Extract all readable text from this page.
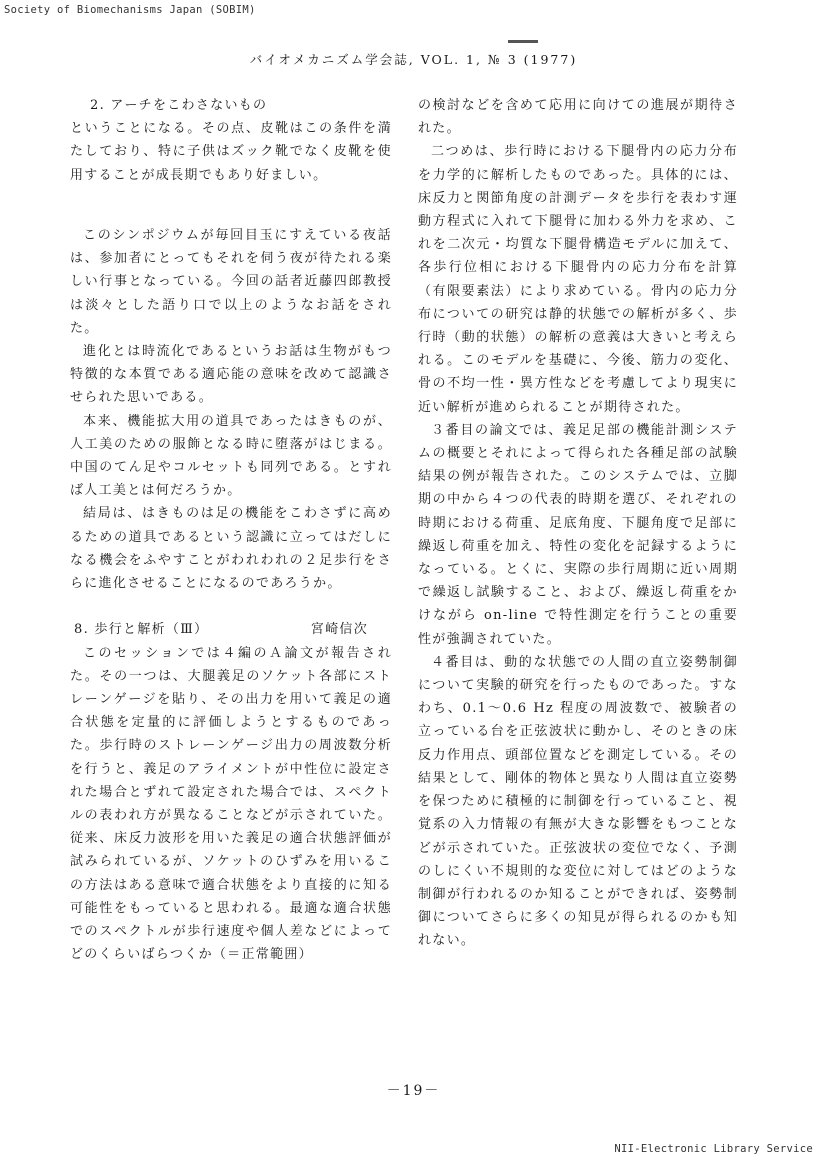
Society of Biomechanisms Japan (SOBIM)
バイオメカニズム学会誌, VOL. 1, № 3 (1977)

2. アーチをこわさないもの

ということになる。その点、皮靴はこの条件を満たしており、特に子供はズック靴でなく皮靴を使用することが成長期でもあり好ましい。

このシンポジウムが毎回目玉にすえている夜話は、参加者にとってもそれを伺う夜が待たれる楽しい行事となっている。今回の話者近藤四郎教授は淡々とした語り口で以上のようなお話をされた。

進化とは時流化であるというお話は生物がもつ特徴的な本質である適応能の意味を改めて認識させられた思いである。

本来、機能拡大用の道具であったはきものが、人工美のための服飾となる時に堕落がはじまる。中国のてん足やコルセットも同列である。とすれば人工美とは何だろうか。

結局は、はきものは足の機能をこわさずに高めるための道具であるという認識に立ってはだしになる機会をふやすことがわれわれの２足歩行をさらに進化させることになるのであろうか。

8. 歩行と解析（Ⅲ）	宮崎信次

このセッションでは４編のＡ論文が報告された。その一つは、大腿義足のソケット各部にストレーンゲージを貼り、その出力を用いて義足の適合状態を定量的に評価しようとするものであった。歩行時のストレーンゲージ出力の周波数分析を行うと、義足のアライメントが中性位に設定された場合とずれて設定された場合では、スペクトルの表われ方が異なることなどが示されていた。従来、床反力波形を用いた義足の適合状態評価が試みられているが、ソケットのひずみを用いるこの方法はある意味で適合状態をより直接的に知る可能性をもっていると思われる。最適な適合状態でのスペクトルが歩行速度や個人差などによってどのくらいばらつくか（＝正常範囲）

の検討などを含めて応用に向けての進展が期待された。

二つめは、歩行時における下腿骨内の応力分布を力学的に解析したものであった。具体的には、床反力と関節角度の計測データを歩行を表わす運動方程式に入れて下腿骨に加わる外力を求め、これを二次元・均質な下腿骨構造モデルに加えて、各歩行位相における下腿骨内の応力分布を計算（有限要素法）により求めている。骨内の応力分布についての研究は静的状態での解析が多く、歩行時（動的状態）の解析の意義は大きいと考えられる。このモデルを基礎に、今後、筋力の変化、骨の不均一性・異方性などを考慮してより現実に近い解析が進められることが期待された。

３番目の論文では、義足足部の機能計測システムの概要とそれによって得られた各種足部の試験結果の例が報告された。このシステムでは、立脚期の中から４つの代表的時期を選び、それぞれの時期における荷重、足底角度、下腿角度で足部に繰返し荷重を加え、特性の変化を記録するようになっている。とくに、実際の歩行周期に近い周期で繰返し試験すること、および、繰返し荷重をかけながら on-line で特性測定を行うことの重要性が強調されていた。

４番目は、動的な状態での人間の直立姿勢制御について実験的研究を行ったものであった。すなわち、0.1〜0.6 Hz 程度の周波数で、被験者の立っている台を正弦波状に動かし、そのときの床反力作用点、頭部位置などを測定している。その結果として、剛体的物体と異なり人間は直立姿勢を保つために積極的に制御を行っていること、視覚系の入力情報の有無が大きな影響をもつことなどが示されていた。正弦波状の変位でなく、予測のしにくい不規則的な変位に対してはどのような制御が行われるのか知ることができれば、姿勢制御についてさらに多くの知見が得られるのかも知れない。

－19－
NII-Electronic Library Service
